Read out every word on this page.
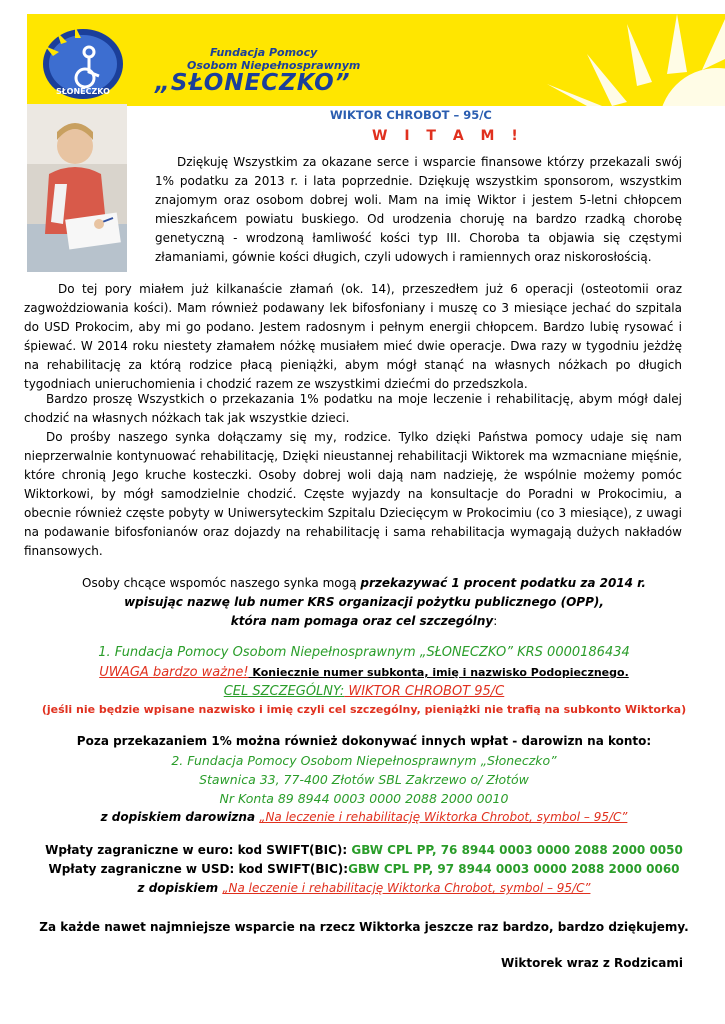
SŁONECZKO
Fundacja Pomocy
Osobom Niepełnosprawnym
„SŁONECZKO”
WIKTOR CHROBOT – 95/C
W I T A M !
Dziękuję Wszystkim za okazane serce i wsparcie finansowe którzy przekazali swój 1% podatku za 2013 r. i lata poprzednie. Dziękuję wszystkim sponsorom, wszystkim znajomym oraz osobom dobrej woli. Mam na imię Wiktor i jestem 5-letni chłopcem mieszkańcem powiatu buskiego. Od urodzenia choruję na bardzo rzadką chorobę genetyczną - wrodzoną łamliwość kości typ III. Choroba ta objawia się częstymi złamaniami, gównie kości długich, czyli udowych i ramiennych oraz niskorosłością.
Do tej pory miałem już kilkanaście złamań (ok. 14), przeszedłem już 6 operacji (osteotomii oraz zagwożdziowania kości). Mam również podawany lek bifosfoniany i muszę co 3 miesiące jechać do szpitala do USD Prokocim, aby mi go podano. Jestem radosnym i pełnym energii chłopcem. Bardzo lubię rysować i śpiewać. W 2014 roku niestety złamałem nóżkę musiałem mieć dwie operacje. Dwa razy w tygodniu jeżdżę na rehabilitację za którą rodzice płacą pieniążki, abym mógł stanąć na własnych nóżkach po długich tygodniach unieruchomienia i chodzić razem ze wszystkimi dziećmi do przedszkola.
Bardzo proszę Wszystkich o przekazania 1% podatku na moje leczenie i rehabilitację, abym mógł dalej chodzić na własnych nóżkach tak jak wszystkie dzieci.
Do prośby naszego synka dołączamy się my, rodzice. Tylko dzięki Państwa pomocy udaje się nam nieprzerwalnie kontynuować rehabilitację, Dzięki nieustannej rehabilitacji Wiktorek ma wzmacniane mięśnie, które chronią Jego kruche kosteczki. Osoby dobrej woli dają nam nadzieję, że wspólnie możemy pomóc Wiktorkowi, by mógł samodzielnie chodzić. Częste wyjazdy na konsultacje do Poradni w Prokocimiu, a obecnie również częste pobyty w Uniwersyteckim Szpitalu Dziecięcym w Prokocimiu (co 3 miesiące), z uwagi na podawanie bifosfonianów oraz dojazdy na rehabilitację i sama rehabilitacja wymagają dużych nakładów finansowych.
Osoby chcące wspomóc naszego synka mogą przekazywać 1 procent podatku za 2014 r.
wpisując nazwę lub numer KRS organizacji pożytku publicznego (OPP),
która nam pomaga oraz cel szczególny:
1. Fundacja Pomocy Osobom Niepełnosprawnym „SŁONECZKO” KRS 0000186434
UWAGA bardzo ważne! Koniecznie numer subkonta, imię i nazwisko Podopiecznego.
CEL SZCZEGÓLNY: WIKTOR CHROBOT 95/C
(jeśli nie będzie wpisane nazwisko i imię czyli cel szczególny, pieniążki nie trafią na subkonto Wiktorka)
Poza przekazaniem 1% można również dokonywać innych wpłat - darowizn na konto:
2. Fundacja Pomocy Osobom Niepełnosprawnym „Słoneczko”
Stawnica 33, 77-400 Złotów SBL Zakrzewo o/ Złotów
Nr Konta 89 8944 0003 0000 2088 2000 0010
z dopiskiem darowizna „Na leczenie i rehabilitację Wiktorka Chrobot, symbol – 95/C”
Wpłaty zagraniczne w euro: kod SWIFT(BIC): GBW CPL PP, 76 8944 0003 0000 2088 2000 0050
Wpłaty zagraniczne w USD: kod SWIFT(BIC):GBW CPL PP, 97 8944 0003 0000 2088 2000 0060
z dopiskiem „Na leczenie i rehabilitację Wiktorka Chrobot, symbol – 95/C”
Za każde nawet najmniejsze wsparcie na rzecz Wiktorka jeszcze raz bardzo, bardzo dziękujemy.
Wiktorek wraz z Rodzicami
